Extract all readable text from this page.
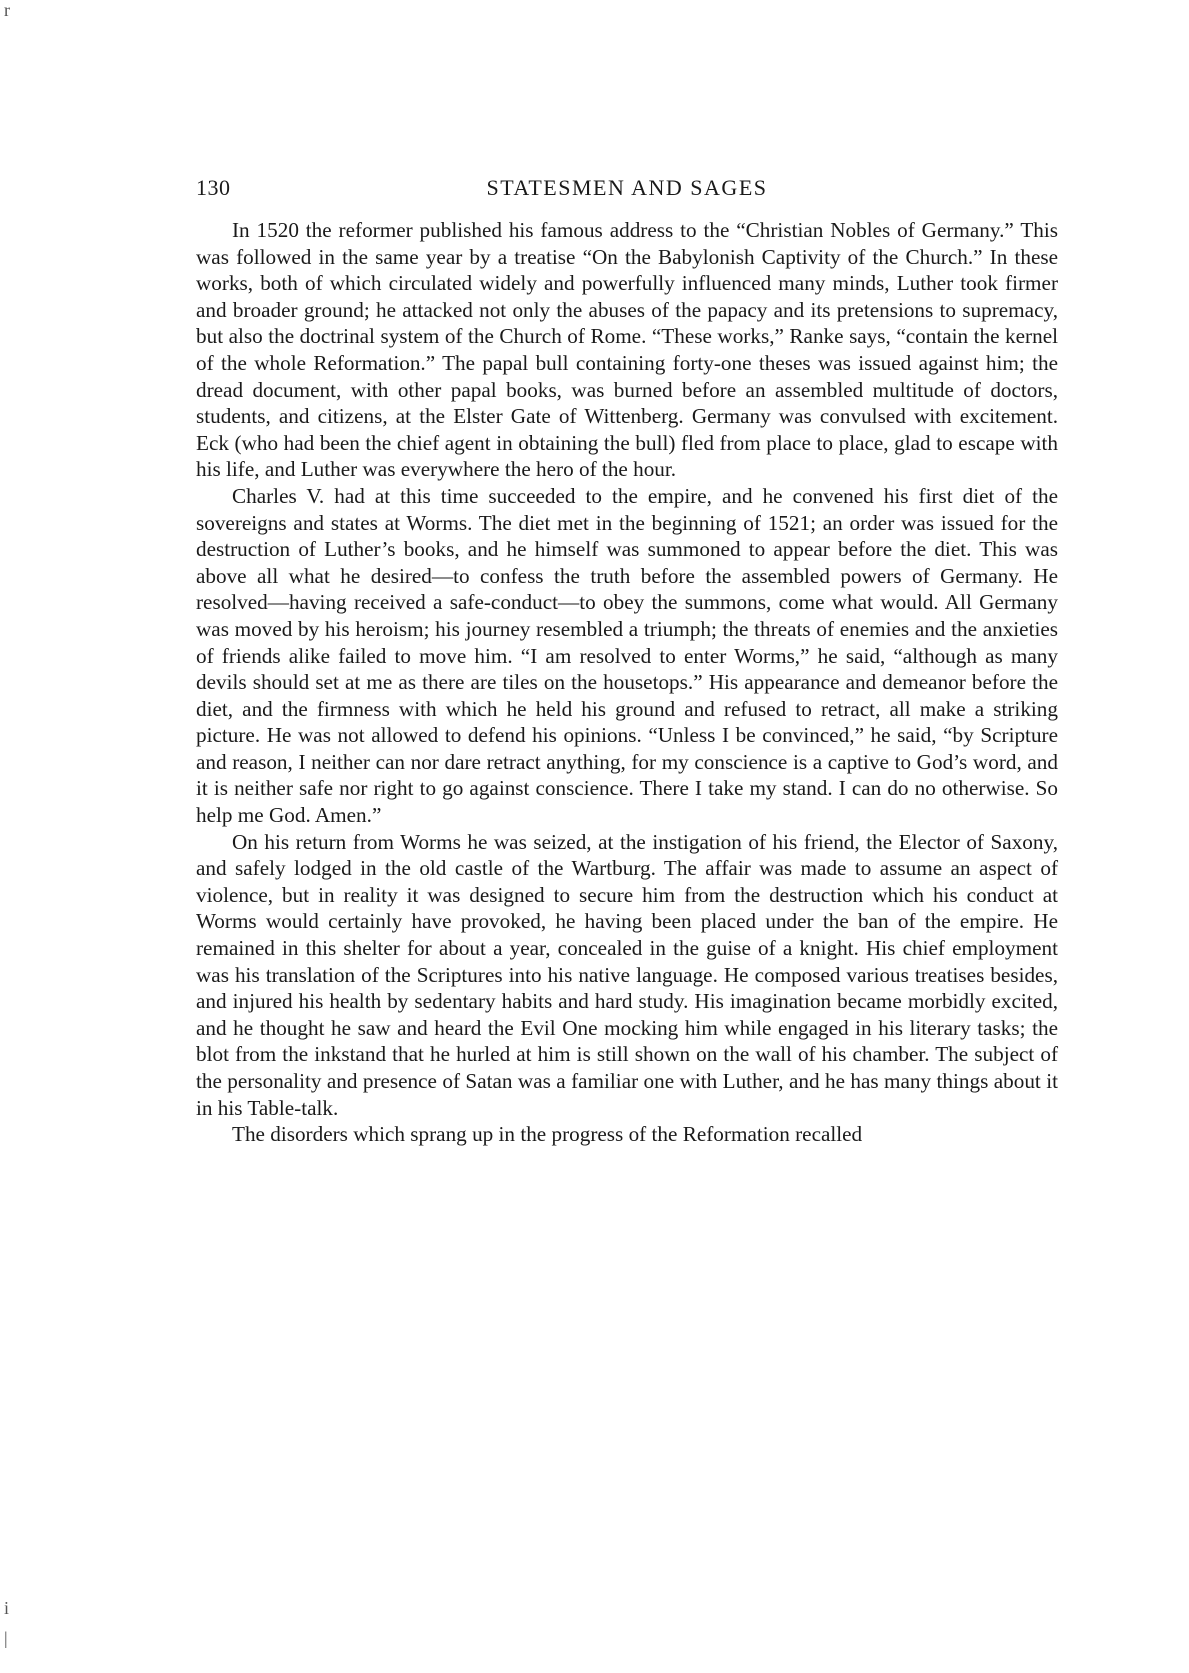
r
130	STATESMEN AND SAGES

In 1520 the reformer published his famous address to the “Christian Nobles of Germany.” This was followed in the same year by a treatise “On the Babylonish Captivity of the Church.” In these works, both of which circulated widely and powerfully influenced many minds, Luther took firmer and broader ground; he attacked not only the abuses of the papacy and its pretensions to supremacy, but also the doctrinal system of the Church of Rome. “These works,” Ranke says, “contain the kernel of the whole Reformation.” The papal bull containing forty-one theses was issued against him; the dread document, with other papal books, was burned before an assembled multitude of doctors, students, and citizens, at the Elster Gate of Wittenberg. Germany was convulsed with excitement. Eck (who had been the chief agent in obtaining the bull) fled from place to place, glad to escape with his life, and Luther was everywhere the hero of the hour.

Charles V. had at this time succeeded to the empire, and he convened his first diet of the sovereigns and states at Worms. The diet met in the beginning of 1521; an order was issued for the destruction of Luther’s books, and he himself was summoned to appear before the diet. This was above all what he desired—to confess the truth before the assembled powers of Germany. He resolved—having received a safe-conduct—to obey the summons, come what would. All Germany was moved by his heroism; his journey resembled a triumph; the threats of enemies and the anxieties of friends alike failed to move him. “I am resolved to enter Worms,” he said, “although as many devils should set at me as there are tiles on the housetops.” His appearance and demeanor before the diet, and the firmness with which he held his ground and refused to retract, all make a striking picture. He was not allowed to defend his opinions. “Unless I be convinced,” he said, “by Scripture and reason, I neither can nor dare retract anything, for my conscience is a captive to God’s word, and it is neither safe nor right to go against conscience. There I take my stand. I can do no otherwise. So help me God. Amen.”

On his return from Worms he was seized, at the instigation of his friend, the Elector of Saxony, and safely lodged in the old castle of the Wartburg. The affair was made to assume an aspect of violence, but in reality it was designed to secure him from the destruction which his conduct at Worms would certainly have provoked, he having been placed under the ban of the empire. He remained in this shelter for about a year, concealed in the guise of a knight. His chief employment was his translation of the Scriptures into his native language. He composed various treatises besides, and injured his health by sedentary habits and hard study. His imagination became morbidly excited, and he thought he saw and heard the Evil One mocking him while engaged in his literary tasks; the blot from the inkstand that he hurled at him is still shown on the wall of his chamber. The subject of the personality and presence of Satan was a familiar one with Luther, and he has many things about it in his Table-talk.

The disorders which sprang up in the progress of the Reformation recalled

i
|
